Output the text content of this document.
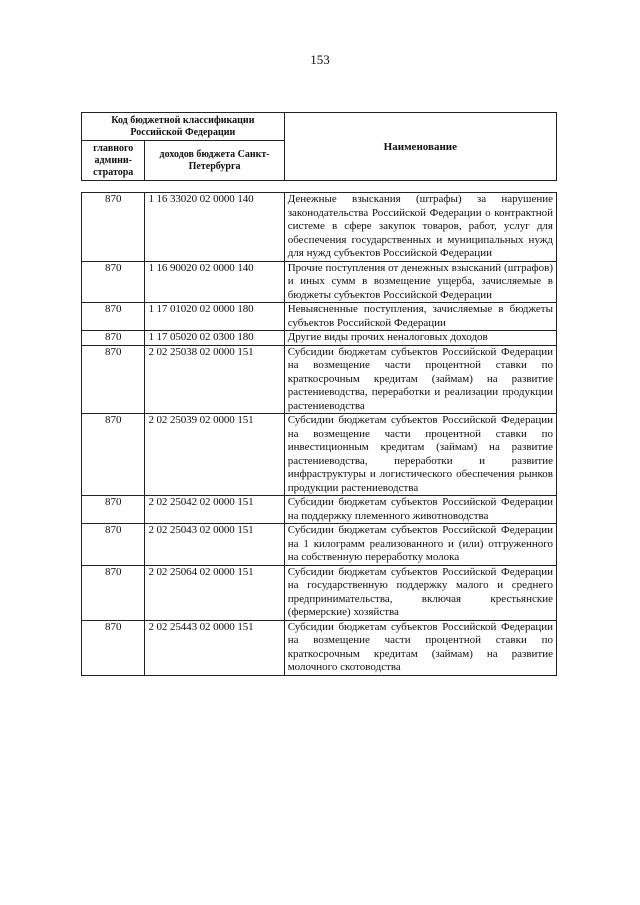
153
Код бюджетной классификации Российской Федерации		Наименование
главного админи-стратора	доходов бюджета Санкт-Петербурга	
870	1 16 33020 02 0000 140	Денежные взыскания (штрафы) за нарушение законодательства Российской Федерации о контрактной системе в сфере закупок товаров, работ, услуг для обеспечения государственных и муниципальных нужд для нужд субъектов Российской Федерации
870	1 16 90020 02 0000 140	Прочие поступления от денежных взысканий (штрафов) и иных сумм в возмещение ущерба, зачисляемые в бюджеты субъектов Российской Федерации
870	1 17 01020 02 0000 180	Невыясненные поступления, зачисляемые в бюджеты субъектов Российской Федерации
870	1 17 05020 02 0300 180	Другие виды прочих неналоговых доходов
870	2 02 25038 02 0000 151	Субсидии бюджетам субъектов Российской Федерации на возмещение части процентной ставки по краткосрочным кредитам (займам) на развитие растениеводства, переработки и реализации продукции растениеводства
870	2 02 25039 02 0000 151	Субсидии бюджетам субъектов Российской Федерации на возмещение части процентной ставки по инвестиционным кредитам (займам) на развитие растениеводства, переработки и развитие инфраструктуры и логистического обеспечения рынков продукции растениеводства
870	2 02 25042 02 0000 151	Субсидии бюджетам субъектов Российской Федерации на поддержку племенного животноводства
870	2 02 25043 02 0000 151	Субсидии бюджетам субъектов Российской Федерации на 1 килограмм реализованного и (или) отгруженного на собственную переработку молока
870	2 02 25064 02 0000 151	Субсидии бюджетам субъектов Российской Федерации на государственную поддержку малого и среднего предпринимательства, включая крестьянские (фермерские) хозяйства
870	2 02 25443 02 0000 151	Субсидии бюджетам субъектов Российской Федерации на возмещение части процентной ставки по краткосрочным кредитам (займам) на развитие молочного скотоводства
